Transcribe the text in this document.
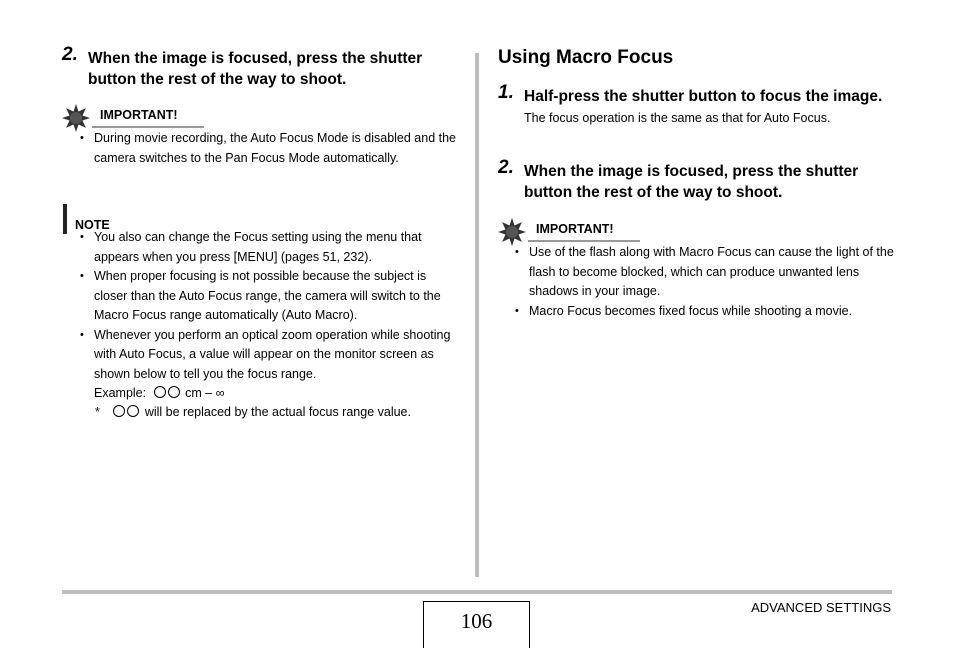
2. When the image is focused, press the shutter button the rest of the way to shoot.
IMPORTANT!
• During movie recording, the Auto Focus Mode is disabled and the camera switches to the Pan Focus Mode automatically.
NOTE
• You also can change the Focus setting using the menu that appears when you press [MENU] (pages 51, 232).
• When proper focusing is not possible because the subject is closer than the Auto Focus range, the camera will switch to the Macro Focus range automatically (Auto Macro).
• Whenever you perform an optical zoom operation while shooting with Auto Focus, a value will appear on the monitor screen as shown below to tell you the focus range.
Example:	cm – ∞
*	will be replaced by the actual focus range value.
Using Macro Focus
1. Half-press the shutter button to focus the image.
The focus operation is the same as that for Auto Focus.
2. When the image is focused, press the shutter button the rest of the way to shoot.
IMPORTANT!
• Use of the flash along with Macro Focus can cause the light of the flash to become blocked, which can produce unwanted lens shadows in your image.
• Macro Focus becomes fixed focus while shooting a movie.
106
ADVANCED SETTINGS
